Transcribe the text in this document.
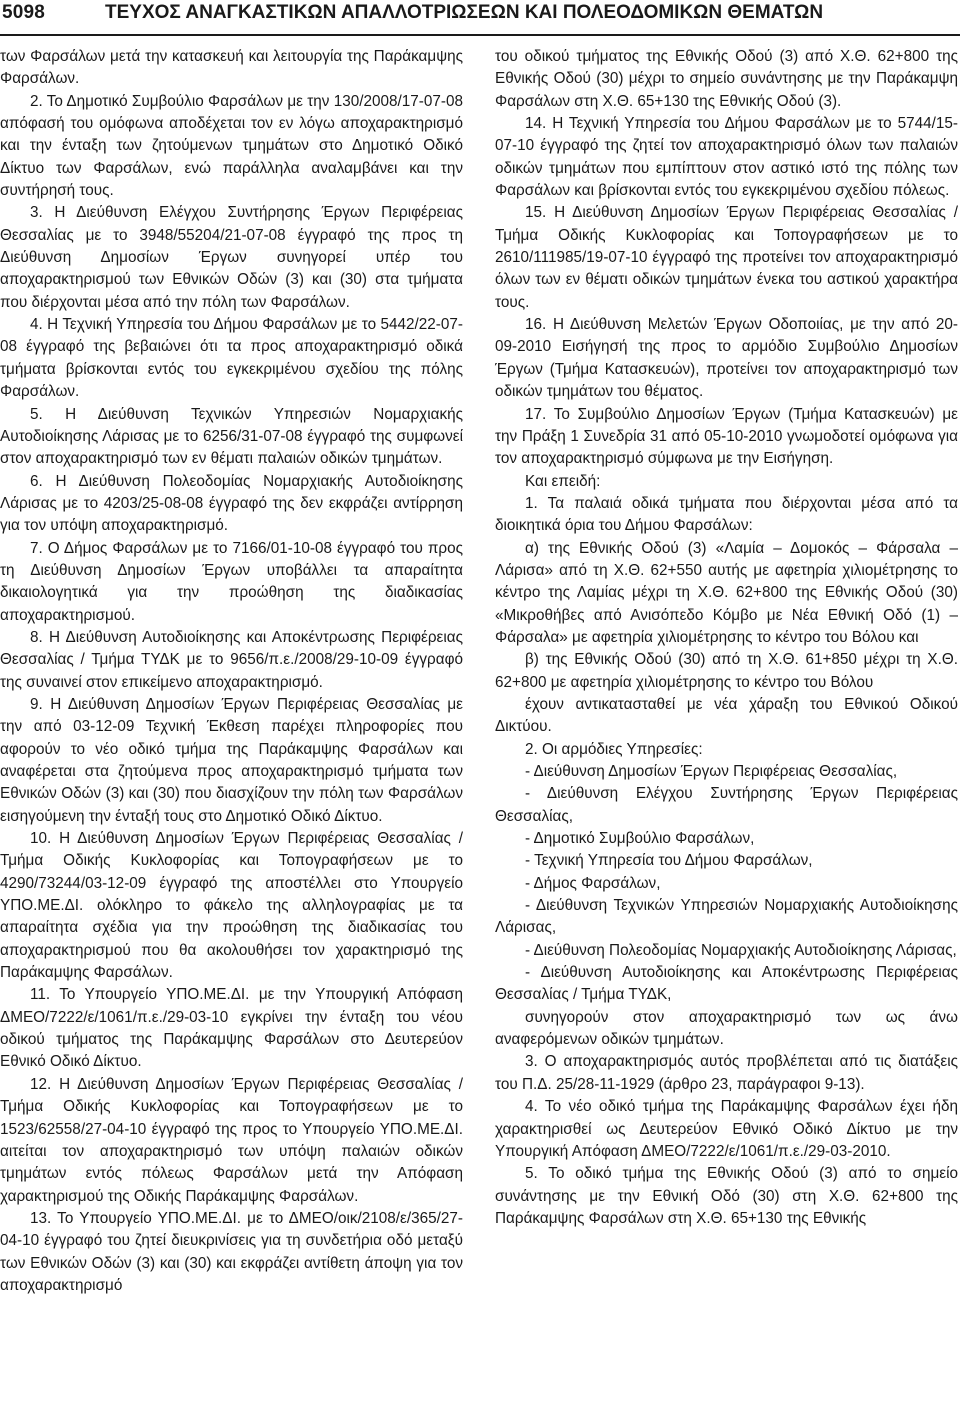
5098	ΤΕΥΧΟΣ ΑΝΑΓΚΑΣΤΙΚΩΝ ΑΠΑΛΛΟΤΡΙΩΣΕΩΝ ΚΑΙ ΠΟΛΕΟΔΟΜΙΚΩΝ ΘΕΜΑΤΩΝ

των Φαρσάλων μετά την κατασκευή και λειτουργία της Παράκαμψης Φαρσάλων.

2. Το Δημοτικό Συμβούλιο Φαρσάλων με την 130/2008/17-07-08 απόφασή του ομόφωνα αποδέχεται τον εν λόγω αποχαρακτηρισμό και την ένταξη των ζητούμενων τμημάτων στο Δημοτικό Οδικό Δίκτυο των Φαρσάλων, ενώ παράλληλα αναλαμβάνει και την συντήρησή τους.

3. Η Διεύθυνση Ελέγχου Συντήρησης Έργων Περιφέρειας Θεσσαλίας με το 3948/55204/21-07-08 έγγραφό της προς τη Διεύθυνση Δημοσίων Έργων συνηγορεί υπέρ του αποχαρακτηρισμού των Εθνικών Οδών (3) και (30) στα τμήματα που διέρχονται μέσα από την πόλη των Φαρσάλων.

4. Η Τεχνική Υπηρεσία του Δήμου Φαρσάλων με το 5442/22-07-08 έγγραφό της βεβαιώνει ότι τα προς αποχαρακτηρισμό οδικά τμήματα βρίσκονται εντός του εγκεκριμένου σχεδίου της πόλης Φαρσάλων.

5. Η Διεύθυνση Τεχνικών Υπηρεσιών Νομαρχιακής Αυτοδιοίκησης Λάρισας με το 6256/31-07-08 έγγραφό της συμφωνεί στον αποχαρακτηρισμό των εν θέματι παλαιών οδικών τμημάτων.

6. Η Διεύθυνση Πολεοδομίας Νομαρχιακής Αυτοδιοίκησης Λάρισας με το 4203/25-08-08 έγγραφό της δεν εκφράζει αντίρρηση για τον υπόψη αποχαρακτηρισμό.

7. Ο Δήμος Φαρσάλων με το 7166/01-10-08 έγγραφό του προς τη Διεύθυνση Δημοσίων Έργων υποβάλλει τα απαραίτητα δικαιολογητικά για την προώθηση της διαδικασίας αποχαρακτηρισμού.

8. Η Διεύθυνση Αυτοδιοίκησης και Αποκέντρωσης Περιφέρειας Θεσσαλίας / Τμήμα ΤΥΔΚ με το 9656/π.ε./2008/29-10-09 έγγραφό της συναινεί στον επικείμενο αποχαρακτηρισμό.

9. Η Διεύθυνση Δημοσίων Έργων Περιφέρειας Θεσσαλίας με την από 03-12-09 Τεχνική Έκθεση παρέχει πληροφορίες που αφορούν το νέο οδικό τμήμα της Παράκαμψης Φαρσάλων και αναφέρεται στα ζητούμενα προς αποχαρακτηρισμό τμήματα των Εθνικών Οδών (3) και (30) που διασχίζουν την πόλη των Φαρσάλων εισηγούμενη την ένταξή τους στο Δημοτικό Οδικό Δίκτυο.

10. Η Διεύθυνση Δημοσίων Έργων Περιφέρειας Θεσσαλίας / Τμήμα Οδικής Κυκλοφορίας και Τοπογραφήσεων με το 4290/73244/03-12-09 έγγραφό της αποστέλλει στο Υπουργείο ΥΠΟ.ΜΕ.ΔΙ. ολόκληρο το φάκελο της αλληλογραφίας με τα απαραίτητα σχέδια για την προώθηση της διαδικασίας του αποχαρακτηρισμού που θα ακολουθήσει τον χαρακτηρισμό της Παράκαμψης Φαρσάλων.

11. Το Υπουργείο ΥΠΟ.ΜΕ.ΔΙ. με την Υπουργική Απόφαση ΔΜΕΟ/7222/ε/1061/π.ε./29-03-10 εγκρίνει την ένταξη του νέου οδικού τμήματος της Παράκαμψης Φαρσάλων στο Δευτερεύον Εθνικό Οδικό Δίκτυο.

12. Η Διεύθυνση Δημοσίων Έργων Περιφέρειας Θεσσαλίας / Τμήμα Οδικής Κυκλοφορίας και Τοπογραφήσεων με το 1523/62558/27-04-10 έγγραφό της προς το Υπουργείο ΥΠΟ.ΜΕ.ΔΙ. αιτείται τον αποχαρακτηρισμό των υπόψη παλαιών οδικών τμημάτων εντός πόλεως Φαρσάλων μετά την Απόφαση χαρακτηρισμού της Οδικής Παράκαμψης Φαρσάλων.

13. Το Υπουργείο ΥΠΟ.ΜΕ.ΔΙ. με το ΔΜΕΟ/οικ/2108/ε/365/27-04-10 έγγραφό του ζητεί διευκρινίσεις για τη συνδετήρια οδό μεταξύ των Εθνικών Οδών (3) και (30) και εκφράζει αντίθετη άποψη για τον αποχαρακτηρισμό

του οδικού τμήματος της Εθνικής Οδού (3) από Χ.Θ. 62+800 της Εθνικής Οδού (30) μέχρι το σημείο συνάντησης με την Παράκαμψη Φαρσάλων στη Χ.Θ. 65+130 της Εθνικής Οδού (3).

14. Η Τεχνική Υπηρεσία του Δήμου Φαρσάλων με το 5744/15-07-10 έγγραφό της ζητεί τον αποχαρακτηρισμό όλων των παλαιών οδικών τμημάτων που εμπίπτουν στον αστικό ιστό της πόλης των Φαρσάλων και βρίσκονται εντός του εγκεκριμένου σχεδίου πόλεως.

15. Η Διεύθυνση Δημοσίων Έργων Περιφέρειας Θεσσαλίας / Τμήμα Οδικής Κυκλοφορίας και Τοπογραφήσεων με το 2610/111985/19-07-10 έγγραφό της προτείνει τον αποχαρακτηρισμό όλων των εν θέματι οδικών τμημάτων ένεκα του αστικού χαρακτήρα τους.

16. Η Διεύθυνση Μελετών Έργων Οδοποιίας, με την από 20-09-2010 Εισήγησή της προς το αρμόδιο Συμβούλιο Δημοσίων Έργων (Τμήμα Κατασκευών), προτείνει τον αποχαρακτηρισμό των οδικών τμημάτων του θέματος.

17. Το Συμβούλιο Δημοσίων Έργων (Τμήμα Κατασκευών) με την Πράξη 1 Συνεδρία 31 από 05-10-2010 γνωμοδοτεί ομόφωνα για τον αποχαρακτηρισμό σύμφωνα με την Εισήγηση.

Και επειδή:

1. Τα παλαιά οδικά τμήματα που διέρχονται μέσα από τα διοικητικά όρια του Δήμου Φαρσάλων:

α) της Εθνικής Οδού (3) «Λαμία – Δομοκός – Φάρσαλα – Λάρισα» από τη Χ.Θ. 62+550 αυτής με αφετηρία χιλιομέτρησης το κέντρο της Λαμίας μέχρι τη Χ.Θ. 62+800 της Εθνικής Οδού (30) «Μικροθήβες από Ανισόπεδο Κόμβο με Νέα Εθνική Οδό (1) – Φάρσαλα» με αφετηρία χιλιομέτρησης το κέντρο του Βόλου και

β) της Εθνικής Οδού (30) από τη Χ.Θ. 61+850 μέχρι τη Χ.Θ. 62+800 με αφετηρία χιλιομέτρησης το κέντρο του Βόλου

έχουν αντικατασταθεί με νέα χάραξη του Εθνικού Οδικού Δικτύου.

2. Οι αρμόδιες Υπηρεσίες:

- Διεύθυνση Δημοσίων Έργων Περιφέρειας Θεσσαλίας,

- Διεύθυνση Ελέγχου Συντήρησης Έργων Περιφέρειας Θεσσαλίας,

- Δημοτικό Συμβούλιο Φαρσάλων,

- Τεχνική Υπηρεσία του Δήμου Φαρσάλων,

- Δήμος Φαρσάλων,

- Διεύθυνση Τεχνικών Υπηρεσιών Νομαρχιακής Αυτοδιοίκησης Λάρισας,

- Διεύθυνση Πολεοδομίας Νομαρχιακής Αυτοδιοίκησης Λάρισας,

- Διεύθυνση Αυτοδιοίκησης και Αποκέντρωσης Περιφέρειας Θεσσαλίας / Τμήμα ΤΥΔΚ,

συνηγορούν στον αποχαρακτηρισμό των ως άνω αναφερόμενων οδικών τμημάτων.

3. Ο αποχαρακτηρισμός αυτός προβλέπεται από τις διατάξεις του Π.Δ. 25/28-11-1929 (άρθρο 23, παράγραφοι 9-13).

4. Το νέο οδικό τμήμα της Παράκαμψης Φαρσάλων έχει ήδη χαρακτηρισθεί ως Δευτερεύον Εθνικό Οδικό Δίκτυο με την Υπουργική Απόφαση ΔΜΕΟ/7222/ε/1061/π.ε./29-03-2010.

5. Το οδικό τμήμα της Εθνικής Οδού (3) από το σημείο συνάντησης με την Εθνική Οδό (30) στη Χ.Θ. 62+800 της Παράκαμψης Φαρσάλων στη Χ.Θ. 65+130 της Εθνικής
